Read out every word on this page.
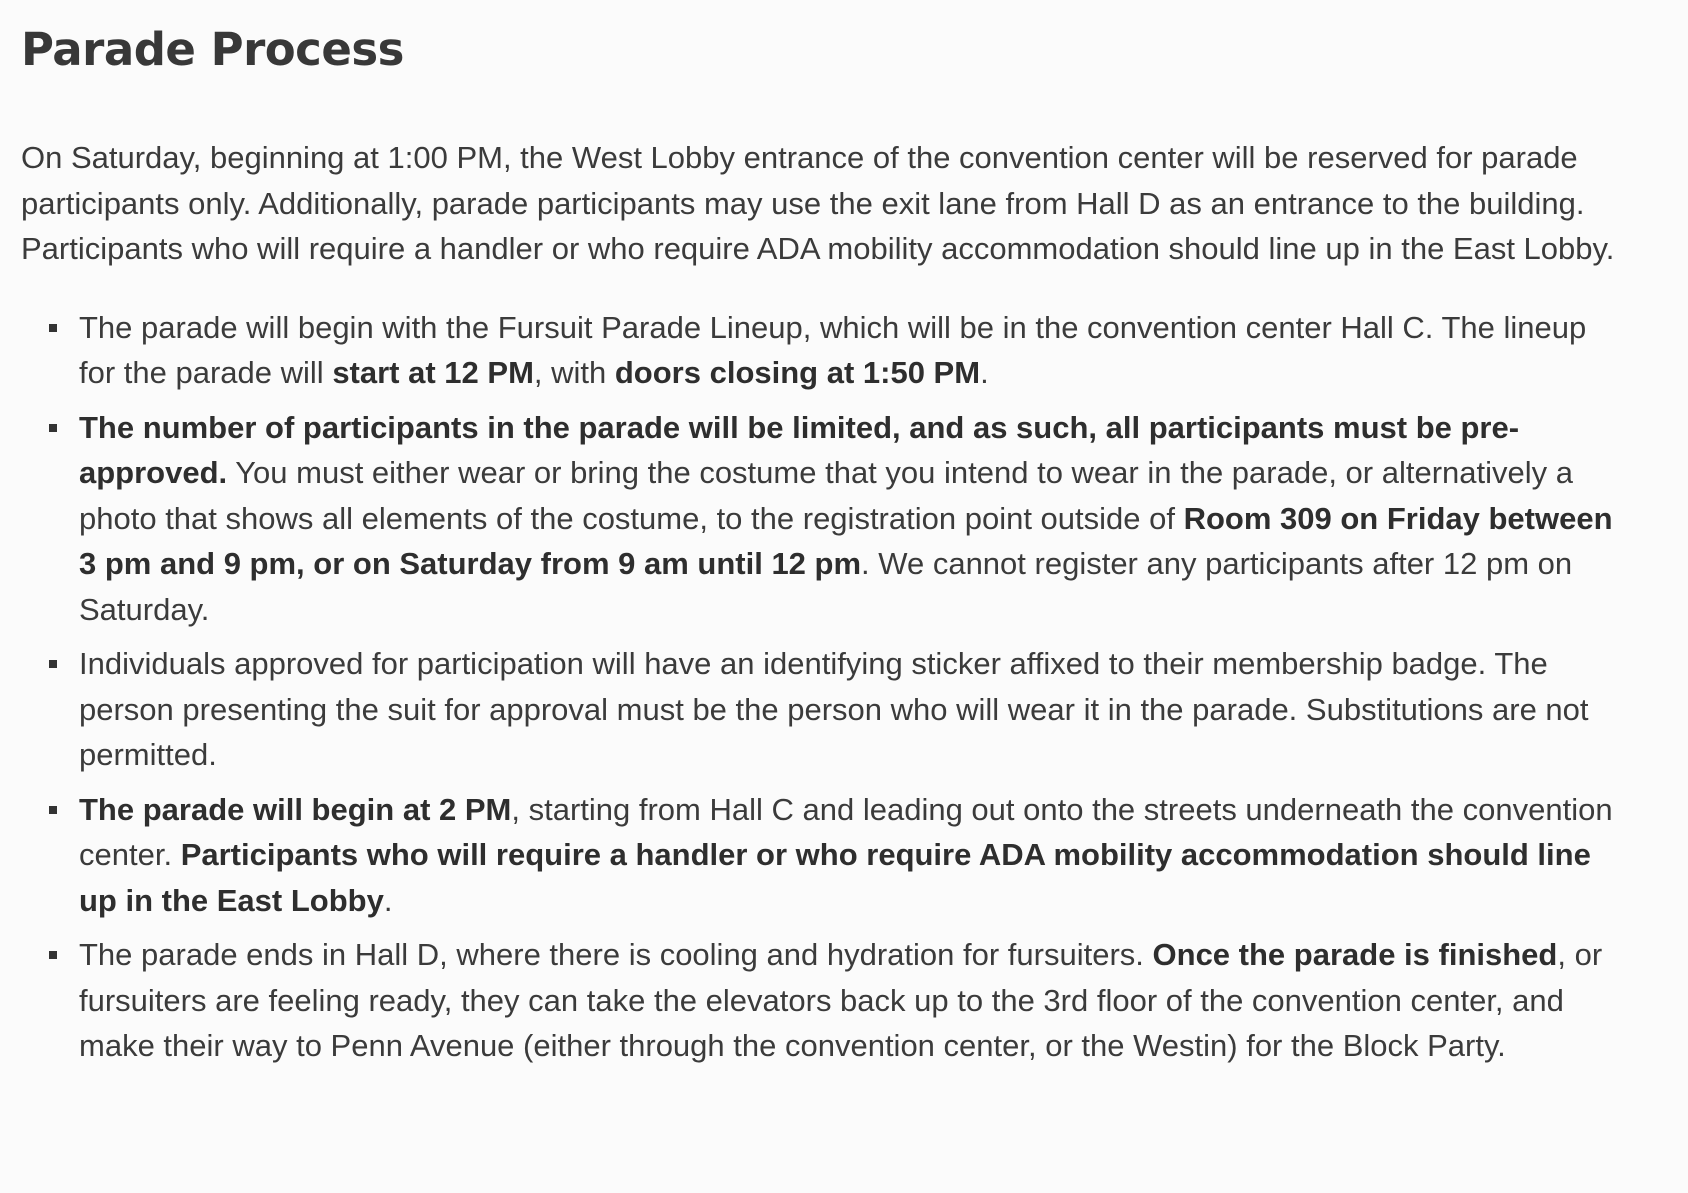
Parade Process

On Saturday, beginning at 1:00 PM, the West Lobby entrance of the convention center will be reserved for parade participants only. Additionally, parade participants may use the exit lane from Hall D as an entrance to the building. Participants who will require a handler or who require ADA mobility accommodation should line up in the East Lobby.

The parade will begin with the Fursuit Parade Lineup, which will be in the convention center Hall C. The lineup for the parade will start at 12 PM, with doors closing at 1:50 PM.
The number of participants in the parade will be limited, and as such, all participants must be pre-approved. You must either wear or bring the costume that you intend to wear in the parade, or alternatively a photo that shows all elements of the costume, to the registration point outside of Room 309 on Friday between 3 pm and 9 pm, or on Saturday from 9 am until 12 pm. We cannot register any participants after 12 pm on Saturday.
Individuals approved for participation will have an identifying sticker affixed to their membership badge. The person presenting the suit for approval must be the person who will wear it in the parade. Substitutions are not permitted.
The parade will begin at 2 PM, starting from Hall C and leading out onto the streets underneath the convention center. Participants who will require a handler or who require ADA mobility accommodation should line up in the East Lobby.
The parade ends in Hall D, where there is cooling and hydration for fursuiters. Once the parade is finished, or fursuiters are feeling ready, they can take the elevators back up to the 3rd floor of the convention center, and make their way to Penn Avenue (either through the convention center, or the Westin) for the Block Party.
